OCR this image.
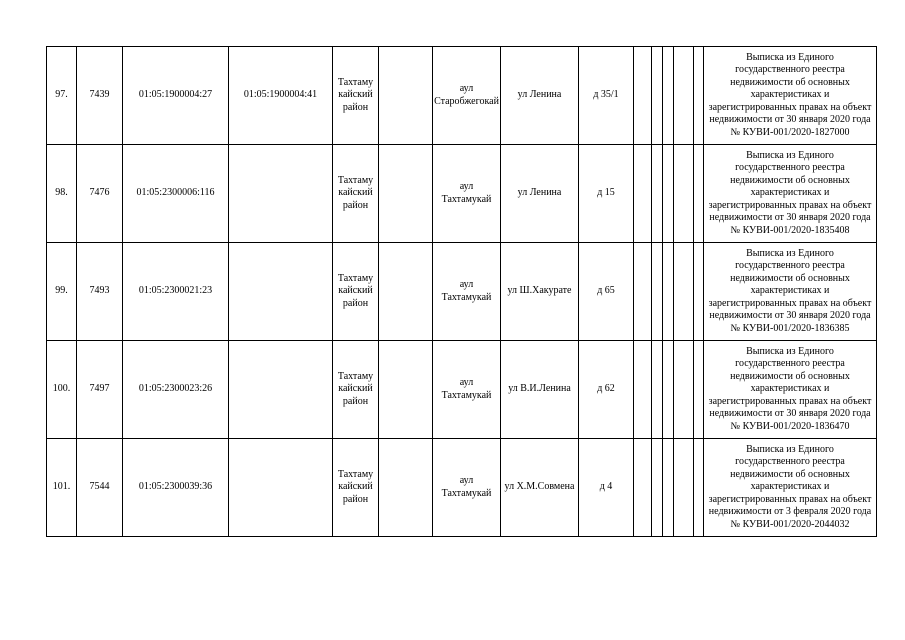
97.	7439	01:05:1900004:27	01:05:1900004:41	Тахтамукайский район		аул Старобжегокай	ул Ленина	д 35/1						Выписка из Единого государственного реестра недвижимости об основных характеристиках и зарегистрированных правах на объект недвижимости от 30 января 2020 года № КУВИ-001/2020-1827000
98.	7476	01:05:2300006:116		Тахтамукайский район		аул Тахтамукай	ул Ленина	д 15						Выписка из Единого государственного реестра недвижимости об основных характеристиках и зарегистрированных правах на объект недвижимости от 30 января 2020 года № КУВИ-001/2020-1835408
99.	7493	01:05:2300021:23		Тахтамукайский район		аул Тахтамукай	ул Ш.Хакурате	д 65						Выписка из Единого государственного реестра недвижимости об основных характеристиках и зарегистрированных правах на объект недвижимости от 30 января 2020 года № КУВИ-001/2020-1836385
100.	7497	01:05:2300023:26		Тахтамукайский район		аул Тахтамукай	ул В.И.Ленина	д 62						Выписка из Единого государственного реестра недвижимости об основных характеристиках и зарегистрированных правах на объект недвижимости от 30 января 2020 года № КУВИ-001/2020-1836470
101.	7544	01:05:2300039:36		Тахтамукайский район		аул Тахтамукай	ул Х.М.Совмена	д 4						Выписка из Единого государственного реестра недвижимости об основных характеристиках и зарегистрированных правах на объект недвижимости от 3 февраля 2020 года № КУВИ-001/2020-2044032
